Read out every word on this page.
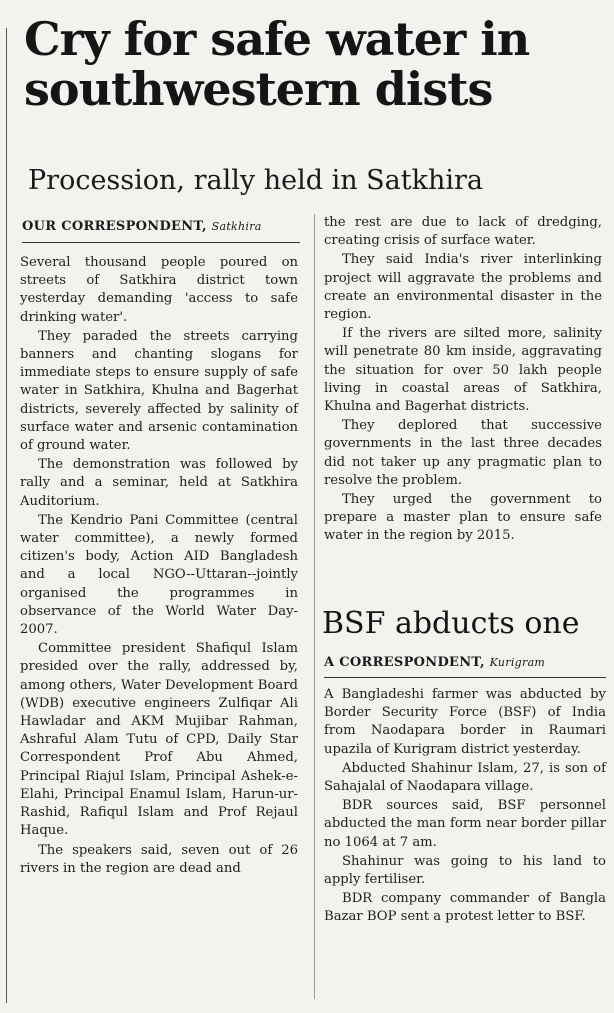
Cry for safe water in southwestern dists
Procession, rally held in Satkhira
OUR CORRESPONDENT, Satkhira

Several thousand people poured on streets of Satkhira district town yesterday demanding 'access to safe drinking water'.

They paraded the streets carrying banners and chanting slogans for immediate steps to ensure supply of safe water in Satkhira, Khulna and Bagerhat districts, severely affected by salinity of surface water and arsenic contamination of ground water.

The demonstration was followed by rally and a seminar, held at Satkhira Auditorium.

The Kendrio Pani Committee (central water committee), a newly formed citizen's body, Action AID Bangladesh and a local NGO--Uttaran--jointly organised the programmes in observance of the World Water Day-2007.

Committee president Shafiqul Islam presided over the rally, addressed by, among others, Water Development Board (WDB) executive engineers Zulfiqar Ali Hawladar and AKM Mujibar Rahman, Ashraful Alam Tutu of CPD, Daily Star Correspondent Prof Abu Ahmed, Principal Riajul Islam, Principal Ashek-e-Elahi, Principal Enamul Islam, Harun-ur-Rashid, Rafiqul Islam and Prof Rejaul Haque.

The speakers said, seven out of 26 rivers in the region are dead and

the rest are due to lack of dredging, creating crisis of surface water.

They said India's river interlinking project will aggravate the problems and create an environmental disaster in the region.

If the rivers are silted more, salinity will penetrate 80 km inside, aggravating the situation for over 50 lakh people living in coastal areas of Satkhira, Khulna and Bagerhat districts.

They deplored that successive governments in the last three decades did not taker up any pragmatic plan to resolve the problem.

They urged the government to prepare a master plan to ensure safe water in the region by 2015.

BSF abducts one
A CORRESPONDENT, Kurigram

A Bangladeshi farmer was abducted by Border Security Force (BSF) of India from Naodapara border in Raumari upazila of Kurigram district yesterday.

Abducted Shahinur Islam, 27, is son of Sahajalal of Naodapara village.

BDR sources said, BSF personnel abducted the man form near border pillar no 1064 at 7 am.

Shahinur was going to his land to apply fertiliser.

BDR company commander of Bangla Bazar BOP sent a protest letter to BSF.
